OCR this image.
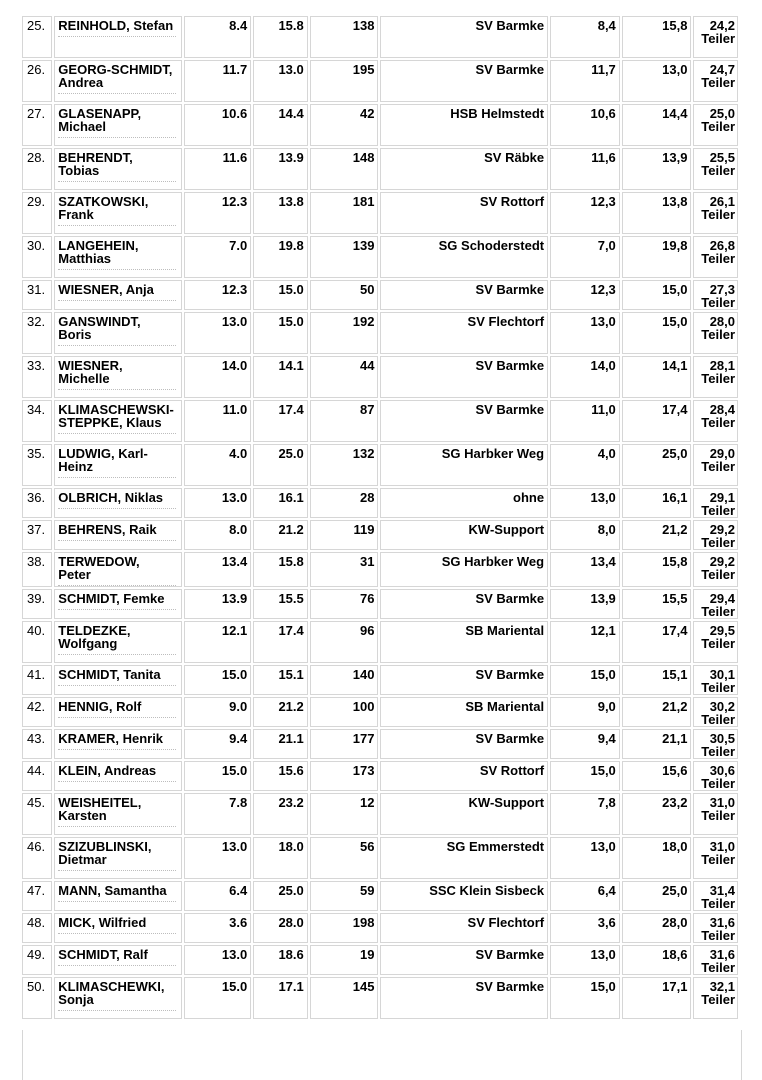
25.	REINHOLD, Stefan	8.4	15.8	138	SV Barmke	8,4	15,8	24,2
Teiler

26.	GEORG-SCHMIDT, Andrea	11.7	13.0	195	SV Barmke	11,7	13,0	24,7
Teiler

27.	GLASENAPP, Michael	10.6	14.4	42	HSB Helmstedt	10,6	14,4	25,0
Teiler

28.	BEHRENDT, Tobias	11.6	13.9	148	SV Räbke	11,6	13,9	25,5
Teiler

29.	SZATKOWSKI, Frank	12.3	13.8	181	SV Rottorf	12,3	13,8	26,1
Teiler

30.	LANGEHEIN, Matthias	7.0	19.8	139	SG Schoderstedt	7,0	19,8	26,8
Teiler

31.	WIESNER, Anja	12.3	15.0	50	SV Barmke	12,3	15,0	27,3
Teiler

32.	GANSWINDT, Boris	13.0	15.0	192	SV Flechtorf	13,0	15,0	28,0
Teiler

33.	WIESNER, Michelle	14.0	14.1	44	SV Barmke	14,0	14,1	28,1
Teiler

34.	KLIMASCHEWSKI-STEPPKE, Klaus	11.0	17.4	87	SV Barmke	11,0	17,4	28,4
Teiler

35.	LUDWIG, Karl-Heinz	4.0	25.0	132	SG Harbker Weg	4,0	25,0	29,0
Teiler

36.	OLBRICH, Niklas	13.0	16.1	28	ohne	13,0	16,1	29,1
Teiler

37.	BEHRENS, Raik	8.0	21.2	119	KW-Support	8,0	21,2	29,2
Teiler

38.	TERWEDOW, Peter	13.4	15.8	31	SG Harbker Weg	13,4	15,8	29,2
Teiler

39.	SCHMIDT, Femke	13.9	15.5	76	SV Barmke	13,9	15,5	29,4
Teiler

40.	TELDEZKE, Wolfgang	12.1	17.4	96	SB Mariental	12,1	17,4	29,5
Teiler

41.	SCHMIDT, Tanita	15.0	15.1	140	SV Barmke	15,0	15,1	30,1
Teiler

42.	HENNIG, Rolf	9.0	21.2	100	SB Mariental	9,0	21,2	30,2
Teiler

43.	KRAMER, Henrik	9.4	21.1	177	SV Barmke	9,4	21,1	30,5
Teiler

44.	KLEIN, Andreas	15.0	15.6	173	SV Rottorf	15,0	15,6	30,6
Teiler

45.	WEISHEITEL, Karsten	7.8	23.2	12	KW-Support	7,8	23,2	31,0
Teiler

46.	SZIZUBLINSKI, Dietmar	13.0	18.0	56	SG Emmerstedt	13,0	18,0	31,0
Teiler

47.	MANN, Samantha	6.4	25.0	59	SSC Klein Sisbeck	6,4	25,0	31,4
Teiler

48.	MICK, Wilfried	3.6	28.0	198	SV Flechtorf	3,6	28,0	31,6
Teiler

49.	SCHMIDT, Ralf	13.0	18.6	19	SV Barmke	13,0	18,6	31,6
Teiler

50.	KLIMASCHEWKI, Sonja	15.0	17.1	145	SV Barmke	15,0	17,1	32,1
Teiler
